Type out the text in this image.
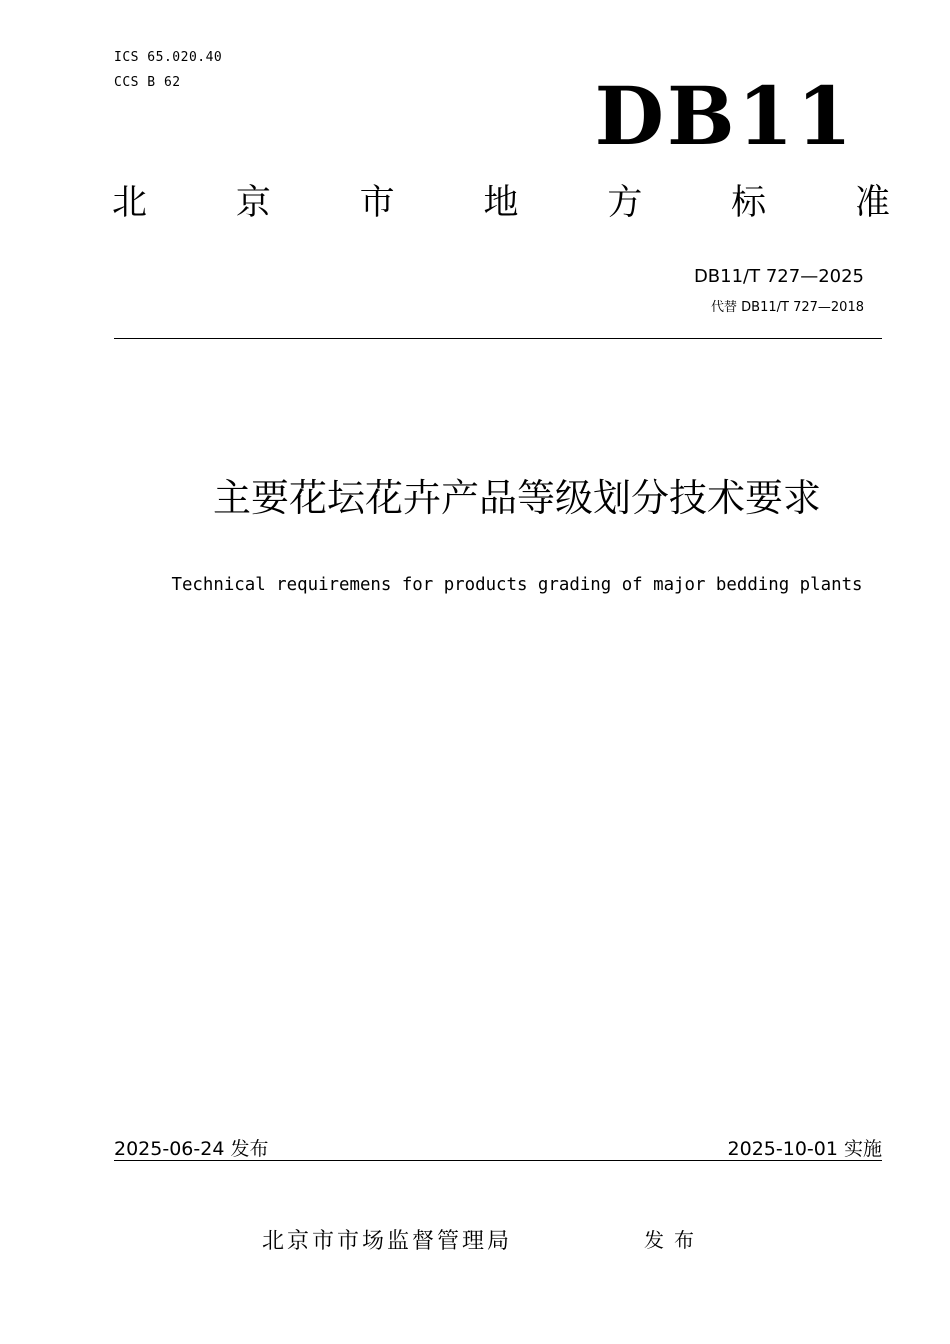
ICS 65.020.40
CCS B 62	DB11
北	京	市	地	方	标	准
DB11/T 727—2025
代替 DB11/T 727—2018
主要花坛花卉产品等级划分技术要求
Technical requiremens for products grading of major bedding plants
2025-06-24 发布	2025-10-01 实施
北京市市场监督管理局	发布
